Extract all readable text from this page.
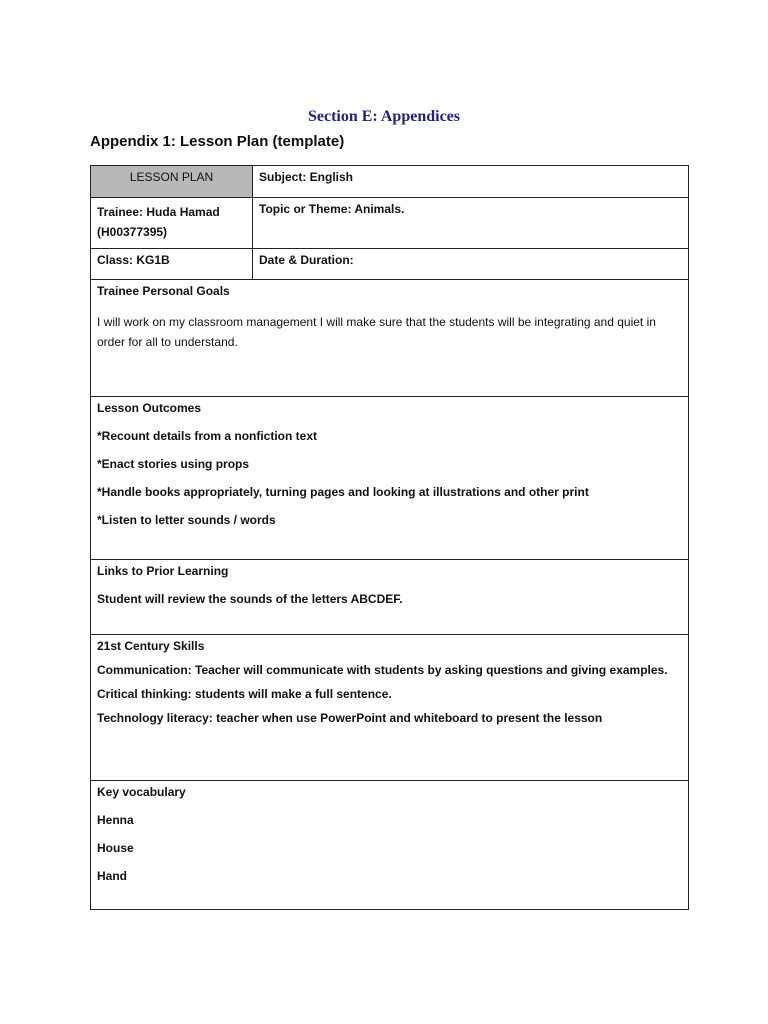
Section E: Appendices
Appendix 1: Lesson Plan (template)
LESSON PLAN	Subject: English

Trainee: Huda Hamad
(H00377395)	Topic or Theme: Animals.
Class: KG1B	Date & Duration:

Trainee Personal Goals
I will work on my classroom management I will make sure that the students will be integrating and quiet in order for all to understand.	

Lesson Outcomes
*Recount details from a nonfiction text
*Enact stories using props
*Handle books appropriately, turning pages and looking at illustrations and other print
*Listen to letter sounds / words	

Links to Prior Learning
Student will review the sounds of the letters ABCDEF.	

21st Century Skills
Communication: Teacher will communicate with students by asking questions and giving examples.
Critical thinking: students will make a full sentence.
Technology literacy: teacher when use PowerPoint and whiteboard to present the lesson	

Key vocabulary
Henna
House
Hand	
